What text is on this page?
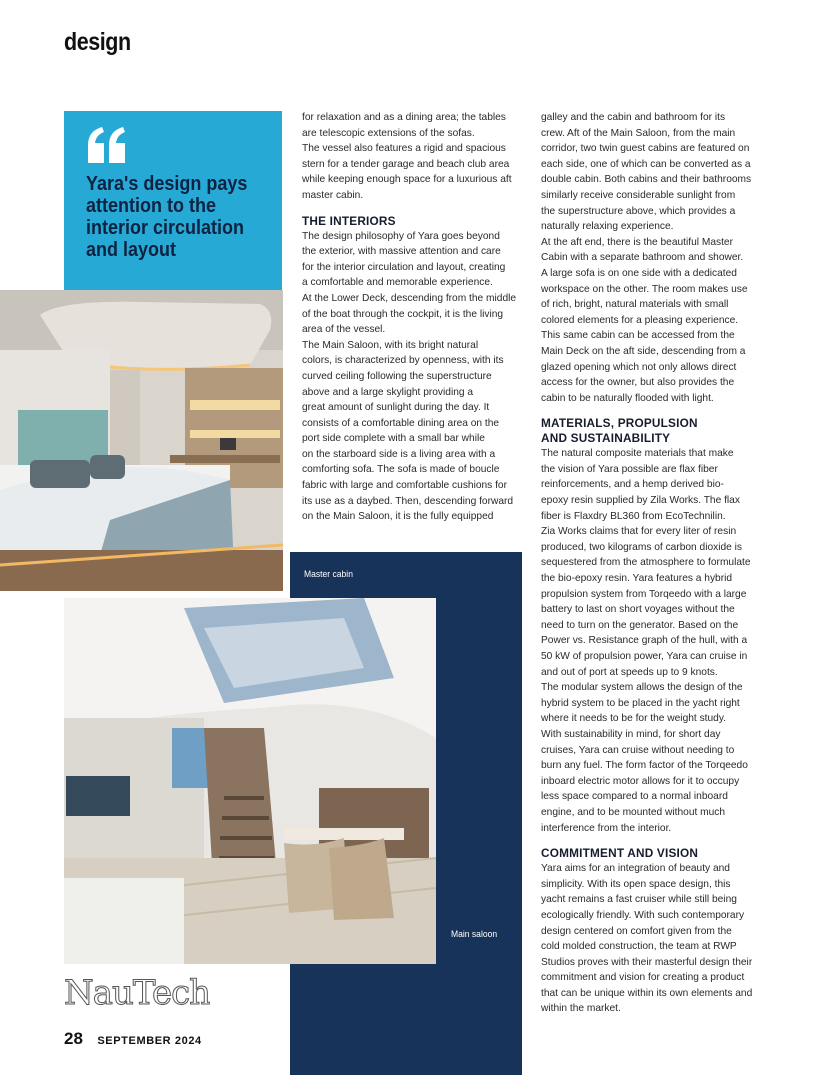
design
Yara's design pays attention to the interior circulation and layout
Master cabin
Main saloon

for relaxation and as a dining area; the tables

are telescopic extensions of the sofas.

The vessel also features a rigid and spacious

stern for a tender garage and beach club area

while keeping enough space for a luxurious aft

master cabin.

THE INTERIORS

The design philosophy of Yara goes beyond

the exterior, with massive attention and care

for the interior circulation and layout, creating

a comfortable and memorable experience.

At the Lower Deck, descending from the middle

of the boat through the cockpit, it is the living

area of the vessel.

The Main Saloon, with its bright natural

colors, is characterized by openness, with its

curved ceiling following the superstructure

above and a large skylight providing a

great amount of sunlight during the day. It

consists of a comfortable dining area on the

port side complete with a small bar while

on the starboard side is a living area with a

comforting sofa. The sofa is made of boucle

fabric with large and comfortable cushions for

its use as a daybed. Then, descending forward

on the Main Saloon, it is the fully equipped

galley and the cabin and bathroom for its

crew. Aft of the Main Saloon, from the main

corridor, two twin guest cabins are featured on

each side, one of which can be converted as a

double cabin. Both cabins and their bathrooms

similarly receive considerable sunlight from

the superstructure above, which provides a

naturally relaxing experience.

At the aft end, there is the beautiful Master

Cabin with a separate bathroom and shower.

A large sofa is on one side with a dedicated

workspace on the other. The room makes use

of rich, bright, natural materials with small

colored elements for a pleasing experience.

This same cabin can be accessed from the

Main Deck on the aft side, descending from a

glazed opening which not only allows direct

access for the owner, but also provides the

cabin to be naturally flooded with light.

MATERIALS, PROPULSION
AND SUSTAINABILITY

The natural composite materials that make

the vision of Yara possible are flax fiber

reinforcements, and a hemp derived bio-

epoxy resin supplied by Zila Works. The flax

fiber is Flaxdry BL360 from EcoTechnilin.

Zia Works claims that for every liter of resin

produced, two kilograms of carbon dioxide is

sequestered from the atmosphere to formulate

the bio-epoxy resin. Yara features a hybrid

propulsion system from Torqeedo with a large

battery to last on short voyages without the

need to turn on the generator. Based on the

Power vs. Resistance graph of the hull, with a

50 kW of propulsion power, Yara can cruise in

and out of port at speeds up to 9 knots.

The modular system allows the design of the

hybrid system to be placed in the yacht right

where it needs to be for the weight study.

With sustainability in mind, for short day

cruises, Yara can cruise without needing to

burn any fuel. The form factor of the Torqeedo

inboard electric motor allows for it to occupy

less space compared to a normal inboard

engine, and to be mounted without much

interference from the interior.

COMMITMENT AND VISION

Yara aims for an integration of beauty and

simplicity. With its open space design, this

yacht remains a fast cruiser while still being

ecologically friendly. With such contemporary

design centered on comfort given from the

cold molded construction, the team at RWP

Studios proves with their masterful design their

commitment and vision for creating a product

that can be unique within its own elements and

within the market.

NauTech
28 SEPTEMBER 2024
